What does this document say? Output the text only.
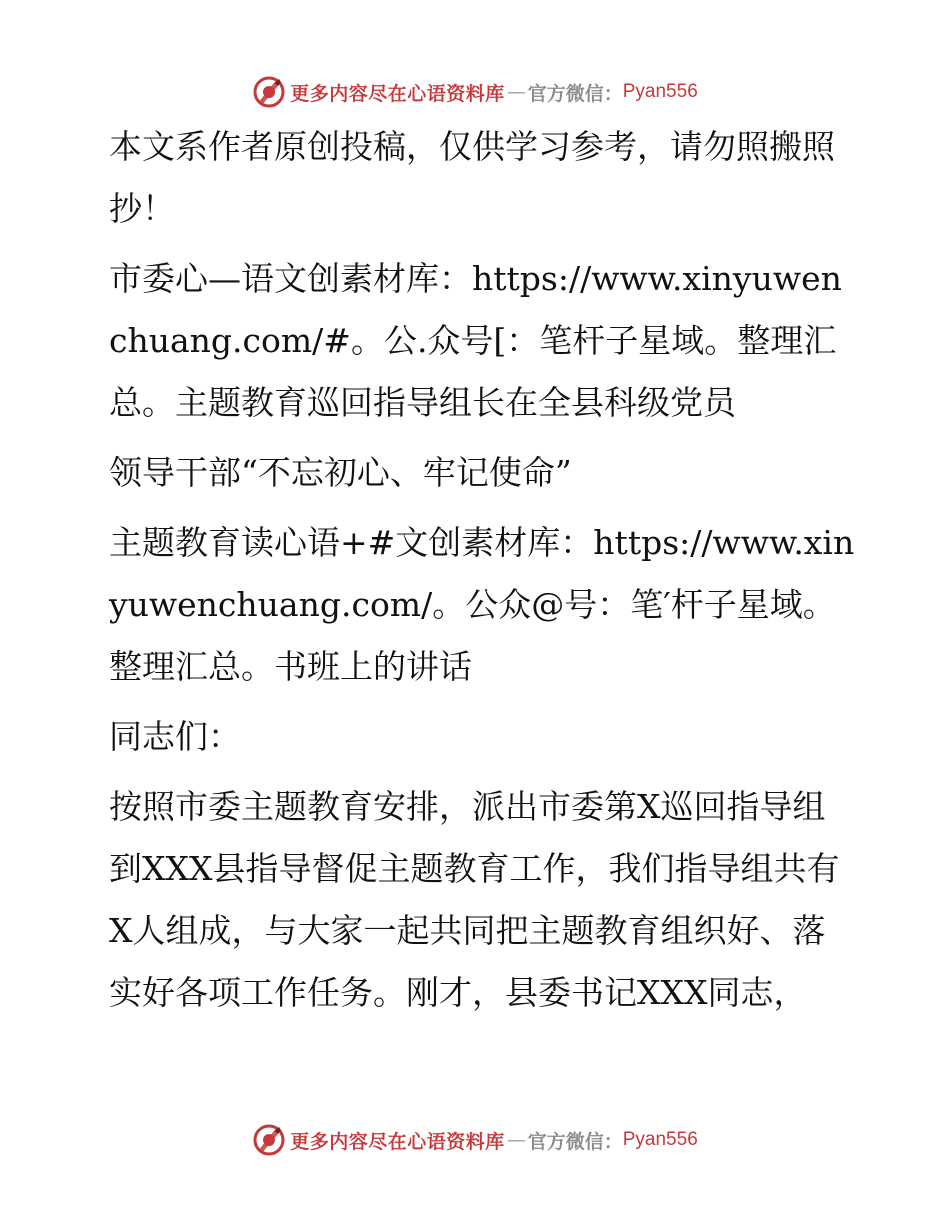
更多内容尽在心语资料库 — 官方微信： Pyan556

本文系作者原创投稿，仅供学习参考，请勿照搬照抄！

市委心—语文创素材库：https://www.xinyuwenchuang.com/#。公.众号[：笔杆子星域。整理汇总。主题教育巡回指导组长在全县科级党员

领导干部“不忘初心、牢记使命”

主题教育读心语+#文创素材库：https://www.xinyuwenchuang.com/。公众@号：笔′杆子星域。整理汇总。书班上的讲话

同志们：

按照市委主题教育安排，派出市委第X巡回指导组到XXX县指导督促主题教育工作，我们指导组共有X人组成，与大家一起共同把主题教育组织好、落实好各项工作任务。刚才，县委书记XXX同志，

更多内容尽在心语资料库 — 官方微信： Pyan556
